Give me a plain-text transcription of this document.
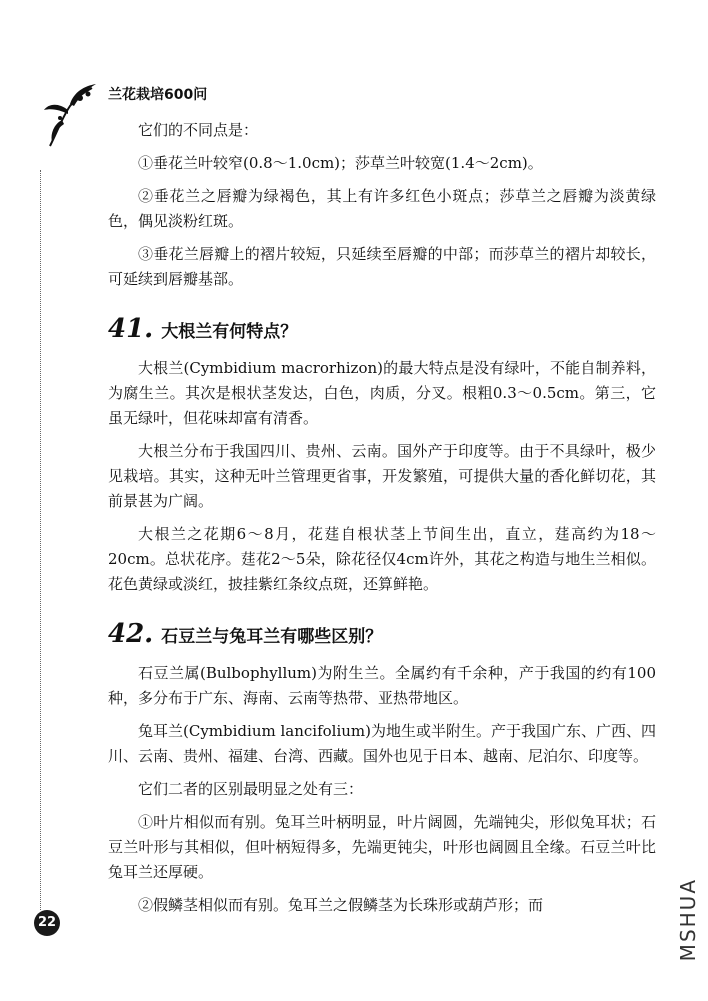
兰花栽培600问
22	MSHUA

它们的不同点是：

①垂花兰叶较窄(0.8～1.0cm)；莎草兰叶较宽(1.4～2cm)。

②垂花兰之唇瓣为绿褐色，其上有许多红色小斑点；莎草兰之唇瓣为淡黄绿色，偶见淡粉红斑。

③垂花兰唇瓣上的褶片较短，只延续至唇瓣的中部；而莎草兰的褶片却较长，可延续到唇瓣基部。

41. 大根兰有何特点？

大根兰(Cymbidium macrorhizon)的最大特点是没有绿叶，不能自制养料，为腐生兰。其次是根状茎发达，白色，肉质，分叉。根粗0.3～0.5cm。第三，它虽无绿叶，但花味却富有清香。

大根兰分布于我国四川、贵州、云南。国外产于印度等。由于不具绿叶，极少见栽培。其实，这种无叶兰管理更省事，开发繁殖，可提供大量的香化鲜切花，其前景甚为广阔。

大根兰之花期6～8月，花莛自根状茎上节间生出，直立，莛高约为18～20cm。总状花序。莛花2～5朵，除花径仅4cm许外，其花之构造与地生兰相似。花色黄绿或淡红，披挂紫红条纹点斑，还算鲜艳。

42. 石豆兰与兔耳兰有哪些区别？

石豆兰属(Bulbophyllum)为附生兰。全属约有千余种，产于我国的约有100种，多分布于广东、海南、云南等热带、亚热带地区。

兔耳兰(Cymbidium lancifolium)为地生或半附生。产于我国广东、广西、四川、云南、贵州、福建、台湾、西藏。国外也见于日本、越南、尼泊尔、印度等。

它们二者的区别最明显之处有三：

①叶片相似而有别。兔耳兰叶柄明显，叶片阔圆，先端钝尖，形似兔耳状；石豆兰叶形与其相似，但叶柄短得多，先端更钝尖，叶形也阔圆且全缘。石豆兰叶比兔耳兰还厚硬。

②假鳞茎相似而有别。兔耳兰之假鳞茎为长珠形或葫芦形；而
